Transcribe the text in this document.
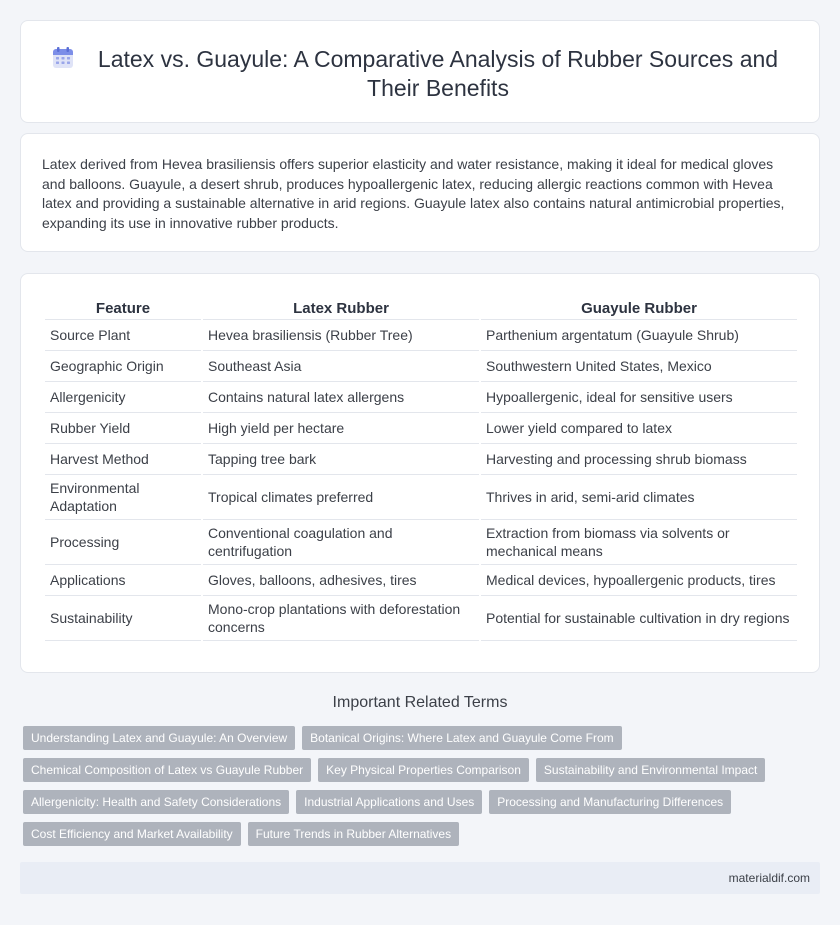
Latex vs. Guayule: A Comparative Analysis of Rubber Sources and Their Benefits

Latex derived from Hevea brasiliensis offers superior elasticity and water resistance, making it ideal for medical gloves and balloons. Guayule, a desert shrub, produces hypoallergenic latex, reducing allergic reactions common with Hevea latex and providing a sustainable alternative in arid regions. Guayule latex also contains natural antimicrobial properties, expanding its use in innovative rubber products.

Feature	Latex Rubber	Guayule Rubber
Source Plant	Hevea brasiliensis (Rubber Tree)	Parthenium argentatum (Guayule Shrub)
Geographic Origin	Southeast Asia	Southwestern United States, Mexico
Allergenicity	Contains natural latex allergens	Hypoallergenic, ideal for sensitive users
Rubber Yield	High yield per hectare	Lower yield compared to latex
Harvest Method	Tapping tree bark	Harvesting and processing shrub biomass
Environmental Adaptation	Tropical climates preferred	Thrives in arid, semi-arid climates
Processing	Conventional coagulation and centrifugation	Extraction from biomass via solvents or mechanical means
Applications	Gloves, balloons, adhesives, tires	Medical devices, hypoallergenic products, tires
Sustainability	Mono-crop plantations with deforestation concerns	Potential for sustainable cultivation in dry regions
Important Related Terms
Understanding Latex and Guayule: An Overview	Botanical Origins: Where Latex and Guayule Come From
Chemical Composition of Latex vs Guayule Rubber	Key Physical Properties Comparison	Sustainability and Environmental Impact
Allergenicity: Health and Safety Considerations	Industrial Applications and Uses	Processing and Manufacturing Differences
Cost Efficiency and Market Availability	Future Trends in Rubber Alternatives
materialdif.com
